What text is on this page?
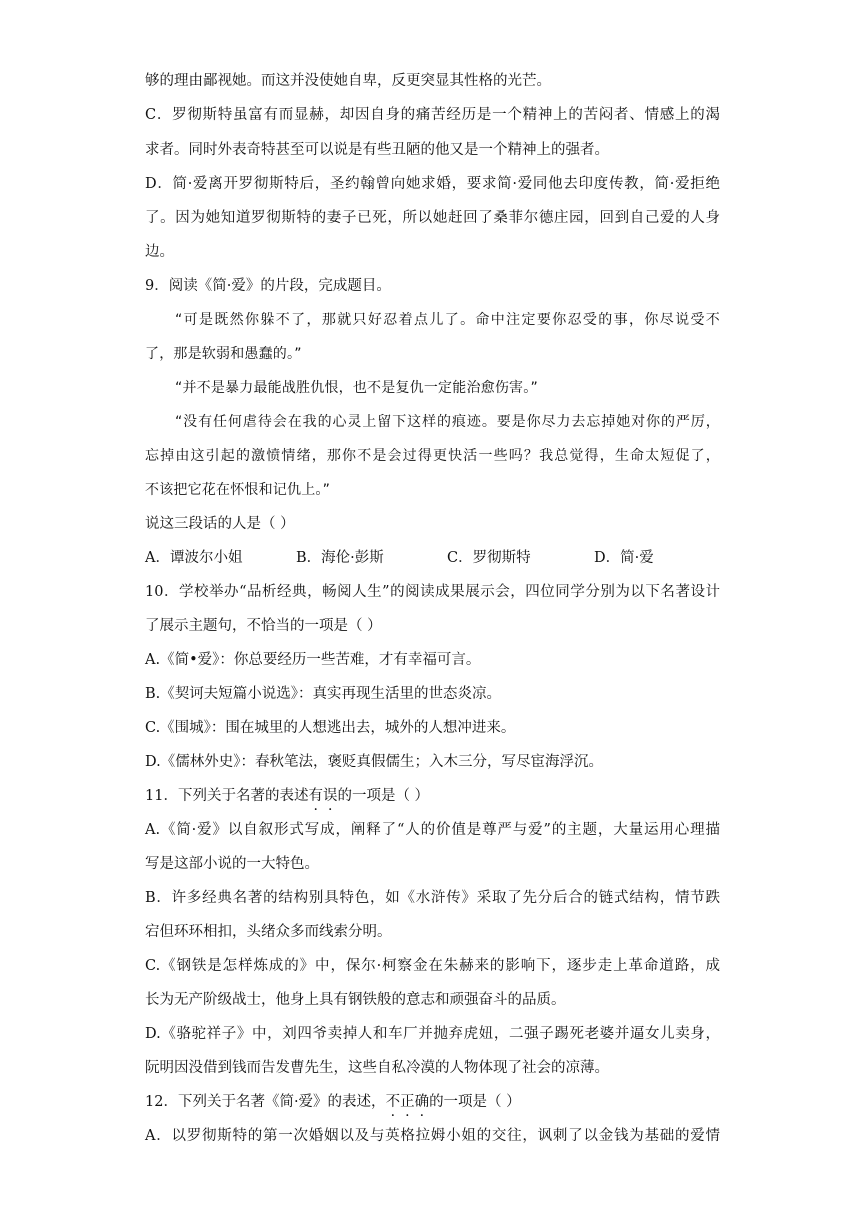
够的理由鄙视她。而这并没使她自卑，反更突显其性格的光芒。
C．罗彻斯特虽富有而显赫，却因自身的痛苦经历是一个精神上的苦闷者、情感上的渴
求者。同时外表奇特甚至可以说是有些丑陋的他又是一个精神上的强者。
D．简·爱离开罗彻斯特后，圣约翰曾向她求婚，要求简·爱同他去印度传教，简·爱拒绝
了。因为她知道罗彻斯特的妻子已死，所以她赶回了桑菲尔德庄园，回到自己爱的人身
边。
9．阅读《简·爱》的片段，完成题目。
“可是既然你躲不了，那就只好忍着点儿了。命中注定要你忍受的事，你尽说受不
了，那是软弱和愚蠢的。”
“并不是暴力最能战胜仇恨，也不是复仇一定能治愈伤害。”
“没有任何虐待会在我的心灵上留下这样的痕迹。要是你尽力去忘掉她对你的严厉，
忘掉由这引起的激愤情绪，那你不是会过得更快活一些吗？我总觉得，生命太短促了，
不该把它花在怀恨和记仇上。”
说这三段话的人是（ ）
A．谭波尔小姐	B．海伦·彭斯	C．罗彻斯特	D．简·爱
10．学校举办“品析经典，畅阅人生”的阅读成果展示会，四位同学分别为以下名著设计
了展示主题句，不恰当的一项是（ ）
A.《简•爱》：你总要经历一些苦难，才有幸福可言。
B.《契诃夫短篇小说选》：真实再现生活里的世态炎凉。
C.《围城》：围在城里的人想逃出去，城外的人想冲进来。
D.《儒林外史》：春秋笔法，褒贬真假儒生；入木三分，写尽宦海浮沉。
11．下列关于名著的表述有误的一项是（ ）
A.《简·爱》以自叙形式写成，阐释了“人的价值是尊严与爱”的主题，大量运用心理描
写是这部小说的一大特色。
B．许多经典名著的结构别具特色，如《水浒传》采取了先分后合的链式结构，情节跌
宕但环环相扣，头绪众多而线索分明。
C.《钢铁是怎样炼成的》中，保尔·柯察金在朱赫来的影响下，逐步走上革命道路，成
长为无产阶级战士，他身上具有钢铁般的意志和顽强奋斗的品质。
D.《骆驼祥子》中，刘四爷卖掉人和车厂并抛弃虎妞，二强子踢死老婆并逼女儿卖身，
阮明因没借到钱而告发曹先生，这些自私冷漠的人物体现了社会的凉薄。
12．下列关于名著《简·爱》的表述，不正确的一项是（ ）
A．以罗彻斯特的第一次婚姻以及与英格拉姆小姐的交往，讽刺了以金钱为基础的爱情
